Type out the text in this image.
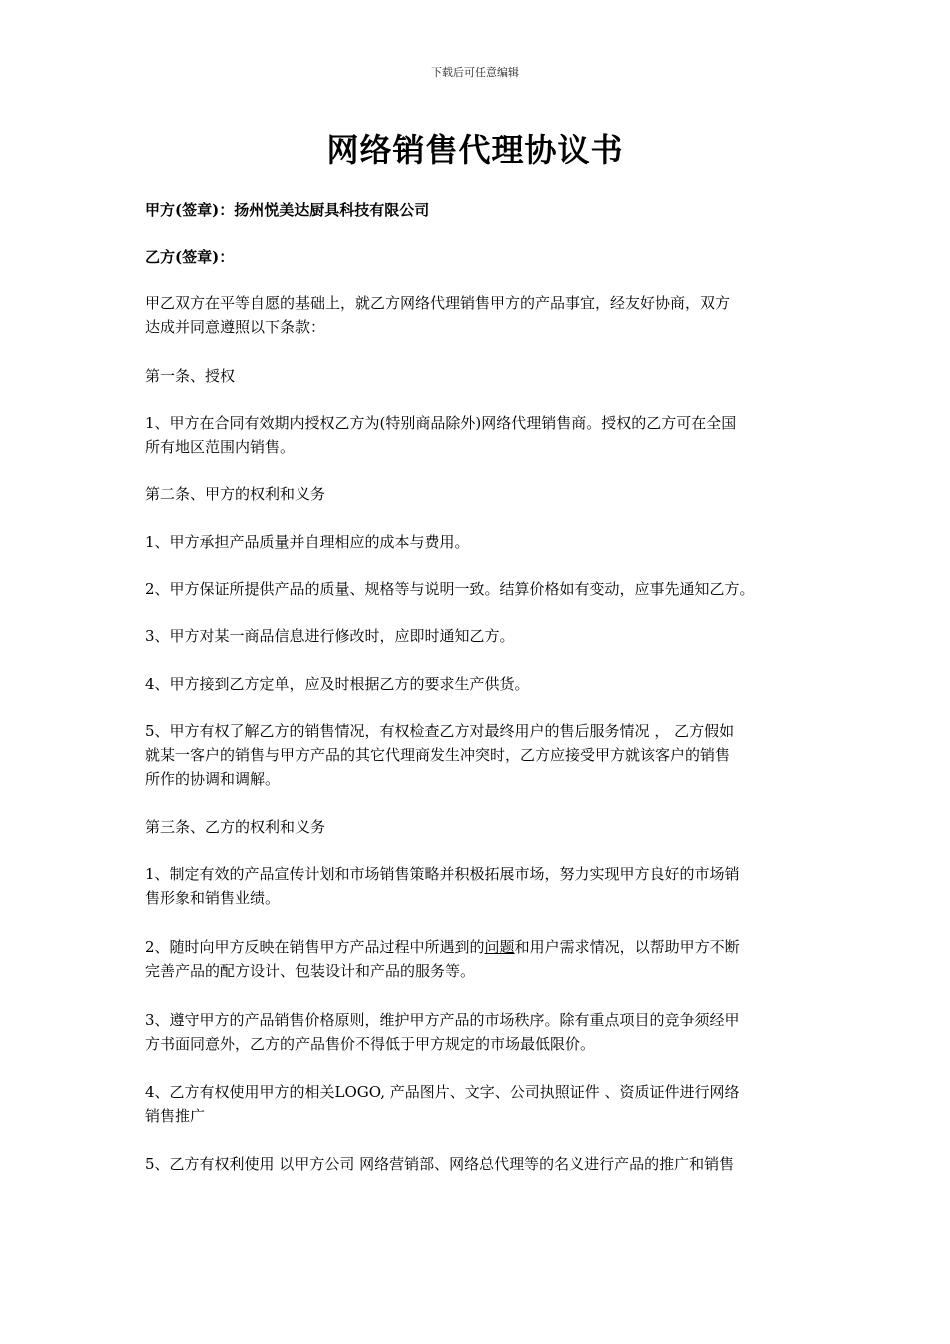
下载后可任意编辑
网络销售代理协议书
甲方(签章)：扬州悦美达厨具科技有限公司
乙方(签章)：
甲乙双方在平等自愿的基础上，就乙方网络代理销售甲方的产品事宜，经友好协商，双方
达成并同意遵照以下条款：
第一条、授权
1、甲方在合同有效期内授权乙方为(特别商品除外)网络代理销售商。授权的乙方可在全国
所有地区范围内销售。
第二条、甲方的权利和义务
1、甲方承担产品质量并自理相应的成本与费用。
2、甲方保证所提供产品的质量、规格等与说明一致。结算价格如有变动，应事先通知乙方。
3、甲方对某一商品信息进行修改时，应即时通知乙方。
4、甲方接到乙方定单，应及时根据乙方的要求生产供货。
5、甲方有权了解乙方的销售情况，有权检查乙方对最终用户的售后服务情况 ， 乙方假如
就某一客户的销售与甲方产品的其它代理商发生冲突时，乙方应接受甲方就该客户的销售
所作的协调和调解。
第三条、乙方的权利和义务
1、制定有效的产品宣传计划和市场销售策略并积极拓展市场，努力实现甲方良好的市场销
售形象和销售业绩。
2、随时向甲方反映在销售甲方产品过程中所遇到的问题和用户需求情况，以帮助甲方不断
完善产品的配方设计、包装设计和产品的服务等。
3、遵守甲方的产品销售价格原则，维护甲方产品的市场秩序。除有重点项目的竞争须经甲
方书面同意外，乙方的产品售价不得低于甲方规定的市场最低限价。
4、乙方有权使用甲方的相关LOGO, 产品图片、文字、公司执照证件 、资质证件进行网络
销售推广
5、乙方有权利使用 以甲方公司 网络营销部、网络总代理等的名义进行产品的推广和销售
